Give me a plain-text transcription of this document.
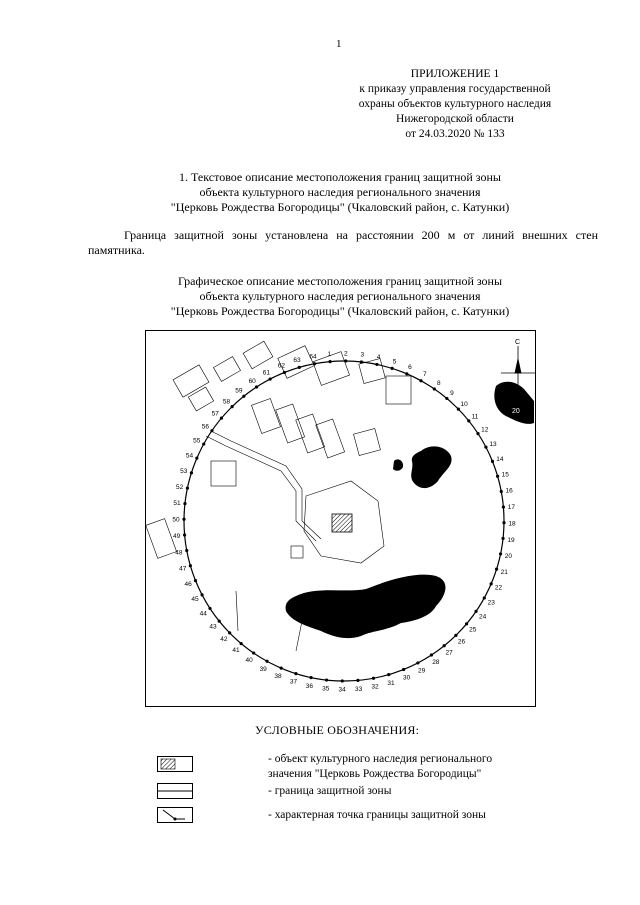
1
ПРИЛОЖЕНИЕ 1
к приказу управления государственной
охраны объектов культурного наследия
Нижегородской области
от 24.03.2020 № 133
1. Текстовое описание местоположения границ защитной зоны
объекта культурного наследия регионального значения
"Церковь Рождества Богородицы" (Чкаловский район, с. Катунки)
Граница защитной зоны установлена на расстоянии 200 м от линий внешних стен памятника.
Графическое описание местоположения границ защитной зоны
объекта культурного наследия регионального значения
"Церковь Рождества Богородицы" (Чкаловский район, с. Катунки)
С
20
1 2 3 4
5
6
7
8
9
10
11
12
13
14
15
16
17
18
19
20
21
22
23
24
25
26
27
28
29
30
31
32
33
34
35
36
37
38
39
40
41
42
43
44
45
46
47
48
49
50
51
52
53
54
55
56
57
58
59
60
61
62
63
64
УСЛОВНЫЕ ОБОЗНАЧЕНИЯ:
- объект культурного наследия регионального
значения "Церковь Рождества Богородицы"
- граница защитной зоны
- характерная точка границы защитной зоны
